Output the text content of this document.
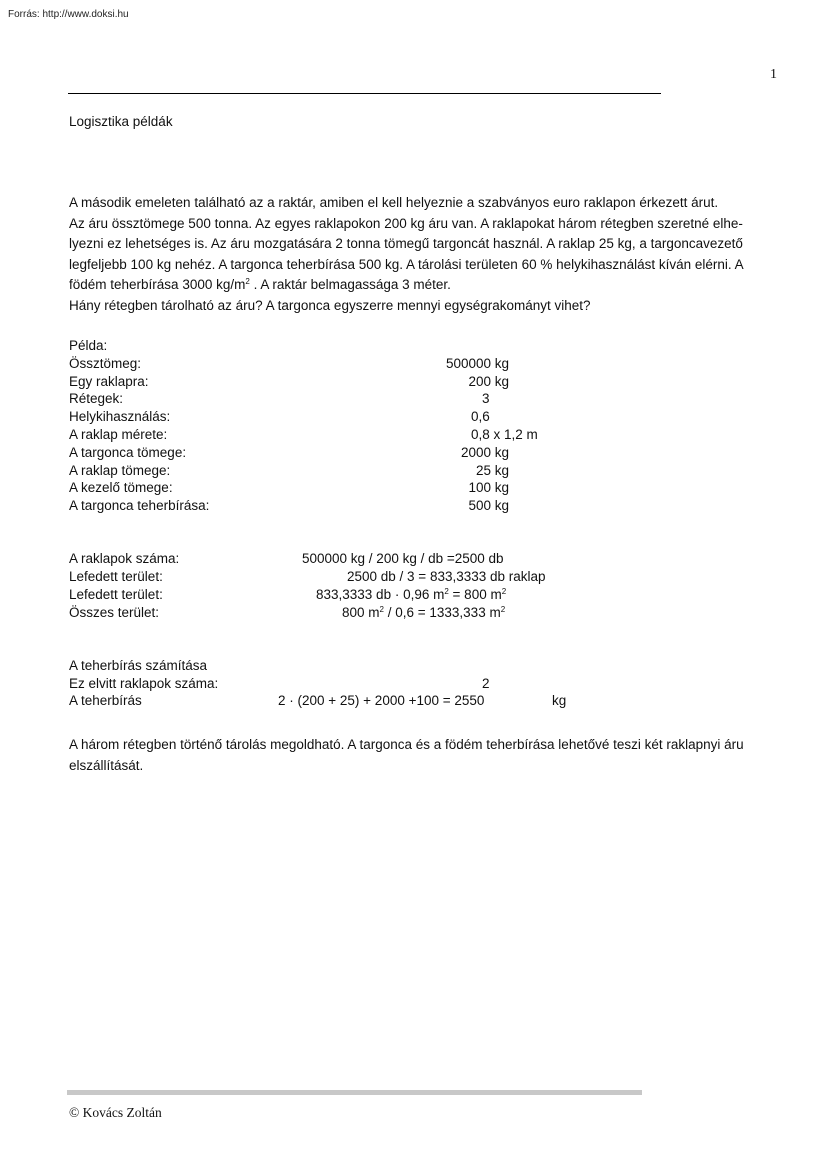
Forrás: http://www.doksi.hu
1
Logisztika példák
A második emeleten található az a raktár, amiben el kell helyeznie a szabványos euro raklapon érkezett árut.
Az áru össztömege 500 tonna. Az egyes raklapokon 200 kg áru van. A raklapokat három rétegben szeretné elhe-
lyezni ez lehetséges is. Az áru mozgatására 2 tonna tömegű targoncát használ. A raklap 25 kg, a targoncavezető
legfeljebb 100 kg nehéz. A targonca teherbírása 500 kg. A tárolási területen 60 % helykihasználást kíván elérni. A
födém teherbírása 3000 $kg/m^2$ . A raktár belmagassága 3 méter.
Hány rétegben tárolható az áru? A targonca egyszerre mennyi egységrakományt vihet?
Példa:
Össztömeg:	500000 kg
Egy raklapra:	200 kg
Rétegek:	3
Helykihasználás:	0,6
A raklap mérete:	0,8 x 1,2 m
A targonca tömege:	2000 kg
A raklap tömege:	25 kg
A kezelő tömege:	100 kg
A targonca teherbírása:	500 kg
A raklapok száma:	500000 kg / 200 kg / db =2500 db
Lefedett terület:	2500 db / 3 = 833,3333 db raklap
Lefedett terület:	833,3333 db · 0,96 $m^2 = 800$ $m^2$
Összes terület:	800 $m^2 / 0,6 = 1333,333$ $m^2$
A teherbírás számítása
Ez elvitt raklapok száma:	2
A teherbírás	2 · (200 + 25) + 2000 +100 = 2550	kg
A három rétegben történő tárolás megoldható. A targonca és a födém teherbírása lehetővé teszi két raklapnyi áru
elszállítását.
© Kovács Zoltán
